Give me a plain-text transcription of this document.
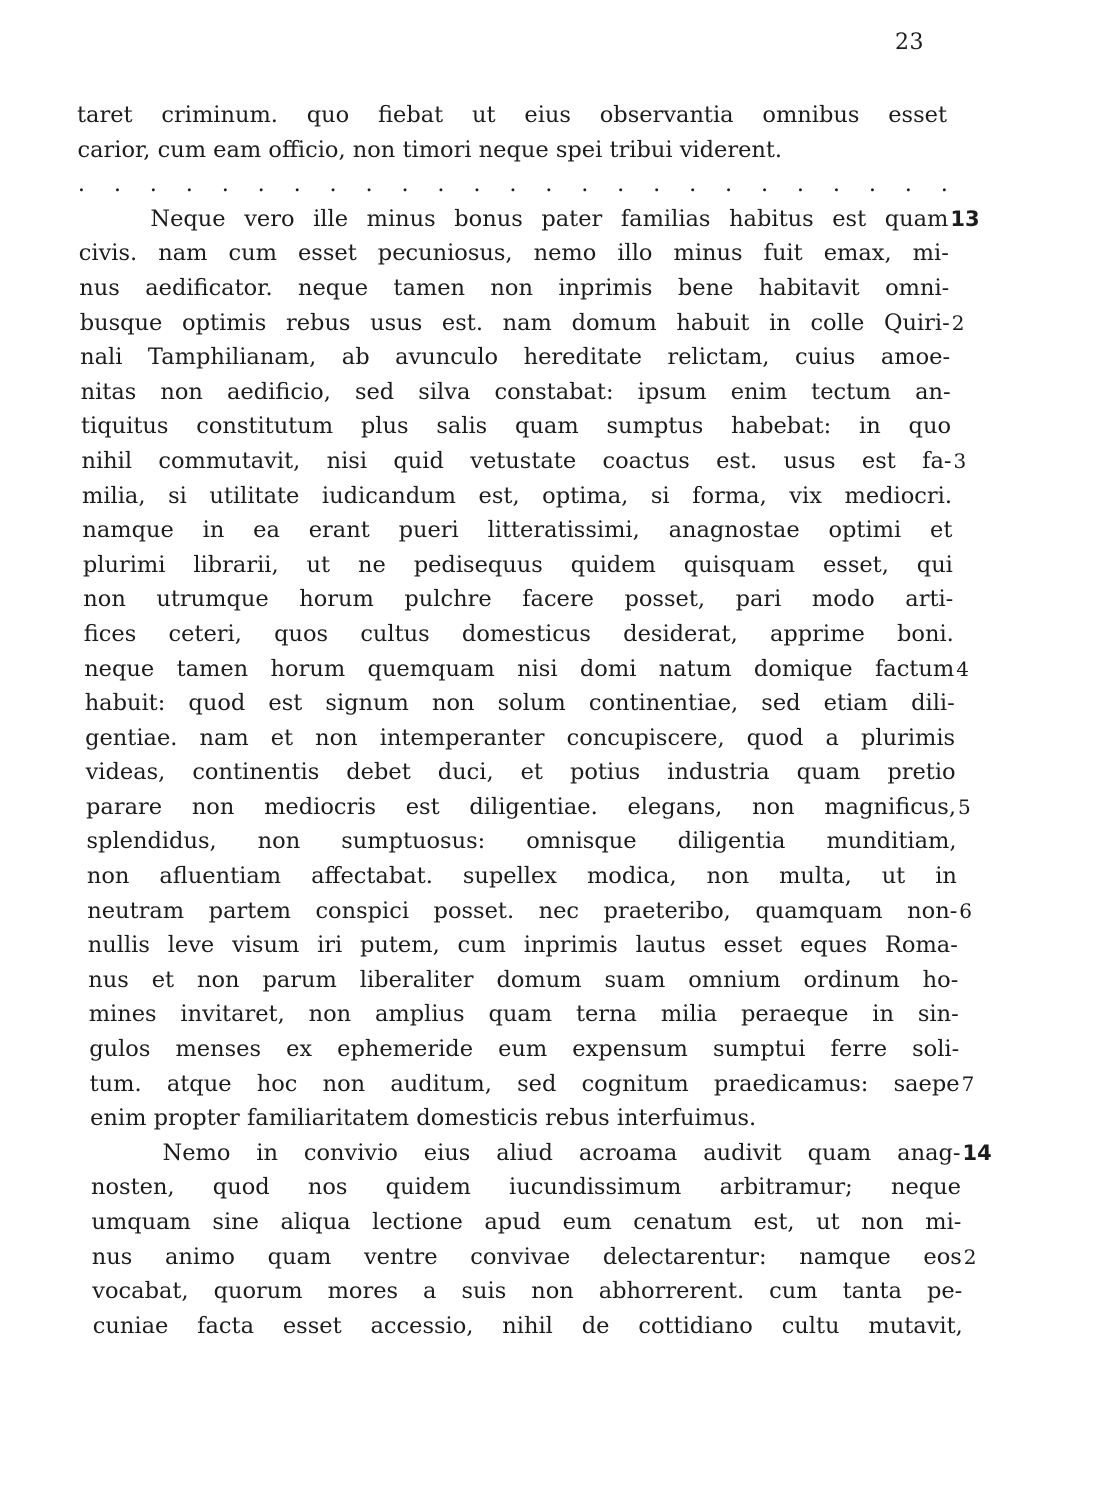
23
taret criminum. quo fiebat ut eius observantia omnibus esset
carior, cum eam officio, non timori neque spei tribui viderent.
. . . . . . . . . . . . . . . . . . . . . . . . .
Neque vero ille minus bonus pater familias habitus est quam 13
civis. nam cum esset pecuniosus, nemo illo minus fuit emax, mi-
nus aedificator. neque tamen non inprimis bene habitavit omni-
busque optimis rebus usus est. nam domum habuit in colle Quiri- 2
nali Tamphilianam, ab avunculo hereditate relictam, cuius amoe-
nitas non aedificio, sed silva constabat: ipsum enim tectum an-
tiquitus constitutum plus salis quam sumptus habebat: in quo
nihil commutavit, nisi quid vetustate coactus est. usus est fa- 3
milia, si utilitate iudicandum est, optima, si forma, vix mediocri.
namque in ea erant pueri litteratissimi, anagnostae optimi et
plurimi librarii, ut ne pedisequus quidem quisquam esset, qui
non utrumque horum pulchre facere posset, pari modo arti-
fices ceteri, quos cultus domesticus desiderat, apprime boni.
neque tamen horum quemquam nisi domi natum domique factum 4
habuit: quod est signum non solum continentiae, sed etiam dili-
gentiae. nam et non intemperanter concupiscere, quod a plurimis
videas, continentis debet duci, et potius industria quam pretio
parare non mediocris est diligentiae. elegans, non magnificus, 5
splendidus, non sumptuosus: omnisque diligentia munditiam,
non afluentiam affectabat. supellex modica, non multa, ut in
neutram partem conspici posset. nec praeteribo, quamquam non- 6
nullis leve visum iri putem, cum inprimis lautus esset eques Roma-
nus et non parum liberaliter domum suam omnium ordinum ho-
mines invitaret, non amplius quam terna milia peraeque in sin-
gulos menses ex ephemeride eum expensum sumptui ferre soli-
tum. atque hoc non auditum, sed cognitum praedicamus: saepe 7
enim propter familiaritatem domesticis rebus interfuimus.
Nemo in convivio eius aliud acroama audivit quam anag- 14
nosten, quod nos quidem iucundissimum arbitramur; neque
umquam sine aliqua lectione apud eum cenatum est, ut non mi-
nus animo quam ventre convivae delectarentur: namque eos 2
vocabat, quorum mores a suis non abhorrerent. cum tanta pe-
cuniae facta esset accessio, nihil de cottidiano cultu mutavit,
